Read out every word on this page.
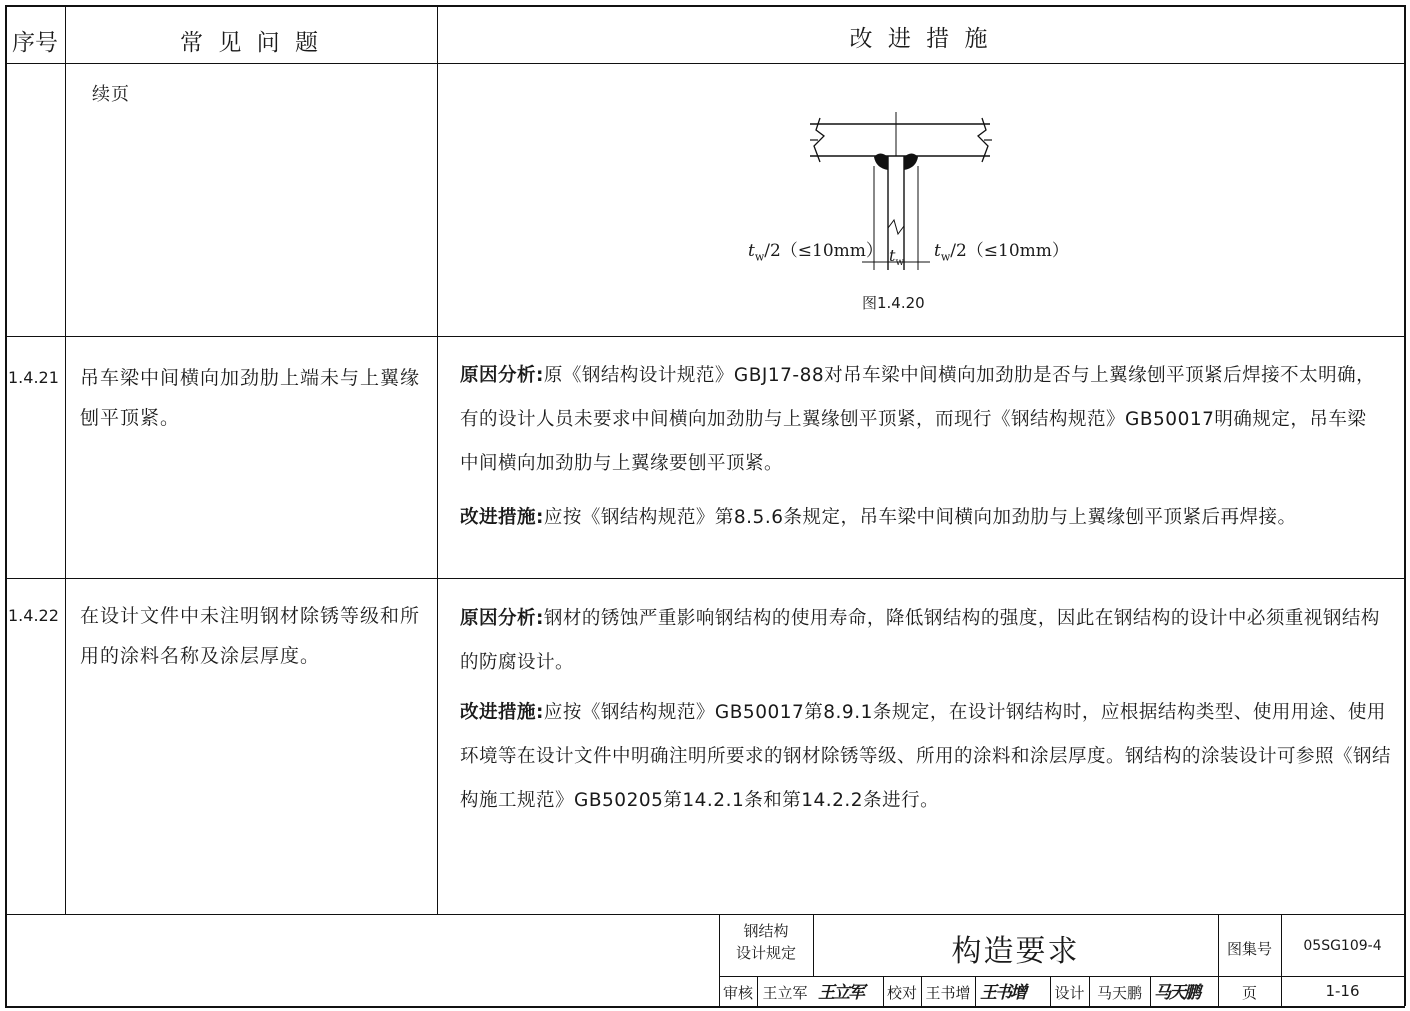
序号	常 见 问 题	改 进 措 施
续页
$t_w/2(\le 10mm)$ $t_w$
$t_w/2(\le 10mm)$
图1.4.20
1.4.21 吊车梁中间横向加劲肋上端未与上翼缘刨平顶紧。
原因分析:原《钢结构设计规范》GBJ17-88对吊车梁中间横向加劲肋是否与上翼缘刨平顶紧后焊接不太明确，有的设计人员未要求中间横向加劲肋与上翼缘刨平顶紧，而现行《钢结构规范》GB50017明确规定，吊车梁中间横向加劲肋与上翼缘要刨平顶紧。
改进措施:应按《钢结构规范》第8.5.6条规定，吊车梁中间横向加劲肋与上翼缘刨平顶紧后再焊接。
1.4.22 在设计文件中未注明钢材除锈等级和所用的涂料名称及涂层厚度。
原因分析:钢材的锈蚀严重影响钢结构的使用寿命，降低钢结构的强度，因此在钢结构的设计中必须重视钢结构的防腐设计。
改进措施:应按《钢结构规范》GB50017第8.9.1条规定，在设计钢结构时，应根据结构类型、使用用途、使用环境等在设计文件中明确注明所要求的钢材除锈等级、所用的涂料和涂层厚度。钢结构的涂装设计可参照《钢结构施工规范》GB50205第14.2.1条和第14.2.2条进行。
钢结构
设计规定	构造要求	图集号	05SG109-4
审核 王立军 王立军 校对 王书增 王书增 设计 马天鹏 马天鹏	页	1-16
